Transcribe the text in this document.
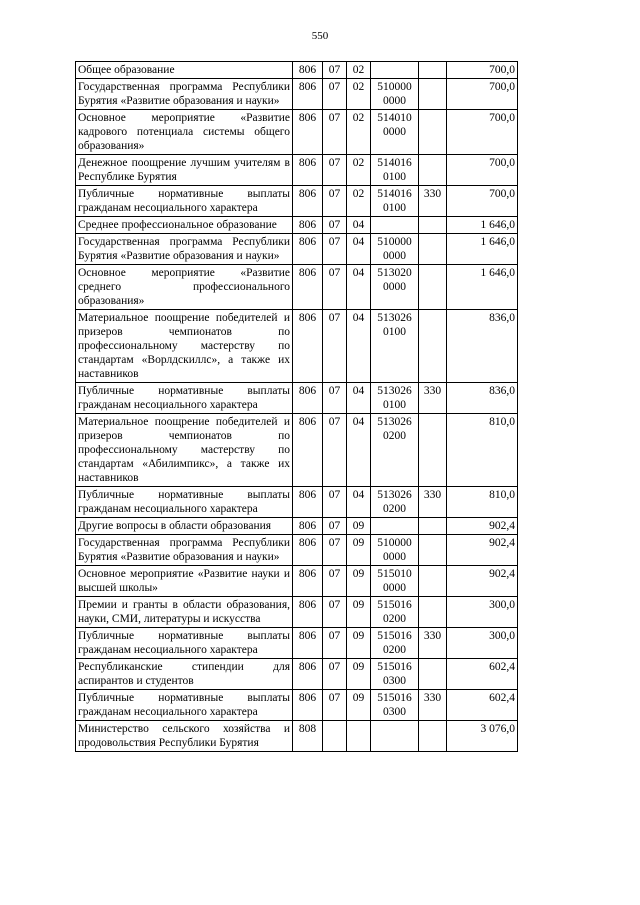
550
Общее образование	806	07	02			700,0
Государственная программа Республики Бурятия «Развитие образования и науки»	806	07	02	510000 0000		700,0
Основное мероприятие «Развитие кадрового потенциала системы общего образования»	806	07	02	514010 0000		700,0
Денежное поощрение лучшим учителям в Республике Бурятия	806	07	02	514016 0100		700,0
Публичные нормативные выплаты гражданам несоциального характера	806	07	02	514016 0100	330	700,0
Среднее профессиональное образование	806	07	04			1 646,0
Государственная программа Республики Бурятия «Развитие образования и науки»	806	07	04	510000 0000		1 646,0
Основное мероприятие «Развитие среднего профессионального образования»	806	07	04	513020 0000		1 646,0
Материальное поощрение победителей и призеров чемпионатов по профессиональному мастерству по стандартам «Ворлдскиллс», а также их наставников	806	07	04	513026 0100		836,0
Публичные нормативные выплаты гражданам несоциального характера	806	07	04	513026 0100	330	836,0
Материальное поощрение победителей и призеров чемпионатов по профессиональному мастерству по стандартам «Абилимпикс», а также их наставников	806	07	04	513026 0200		810,0
Публичные нормативные выплаты гражданам несоциального характера	806	07	04	513026 0200	330	810,0
Другие вопросы в области образования	806	07	09			902,4
Государственная программа Республики Бурятия «Развитие образования и науки»	806	07	09	510000 0000		902,4
Основное мероприятие «Развитие науки и высшей школы»	806	07	09	515010 0000		902,4
Премии и гранты в области образования, науки, СМИ, литературы и искусства	806	07	09	515016 0200		300,0
Публичные нормативные выплаты гражданам несоциального характера	806	07	09	515016 0200	330	300,0
Республиканские стипендии для аспирантов и студентов	806	07	09	515016 0300		602,4
Публичные нормативные выплаты гражданам несоциального характера	806	07	09	515016 0300	330	602,4
Министерство сельского хозяйства и продовольствия Республики Бурятия	808					3 076,0
